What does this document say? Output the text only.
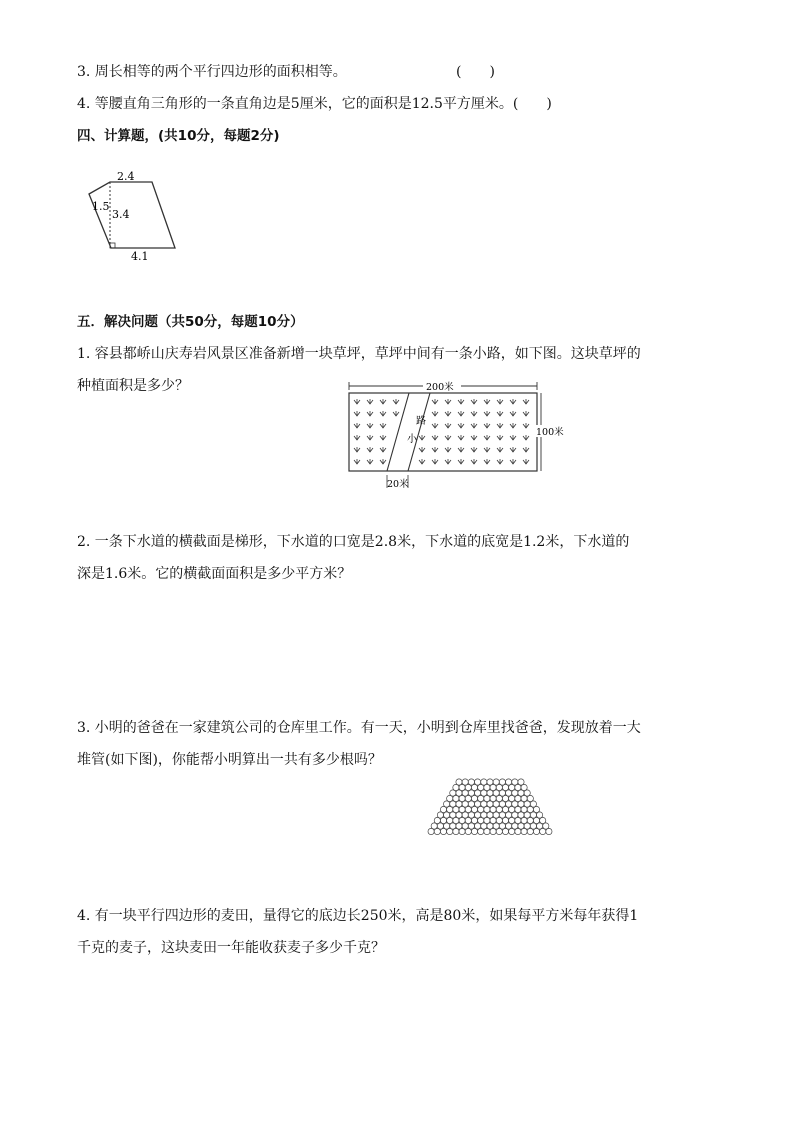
3. 周长相等的两个平行四边形的面积相等。	(　　)
4. 等腰直角三角形的一条直角边是5厘米，它的面积是12.5平方厘米。(　　)
四、计算题，(共10分，每题2分)
2.4
1.5
3.4
4.1
五．解决问题（共50分，每题10分）
1. 容县都峤山庆寿岩风景区准备新增一块草坪，草坪中间有一条小路，如下图。这块草坪的
种植面积是多少？	200米
小
路
100米
20米
2. 一条下水道的横截面是梯形，下水道的口宽是2.8米，下水道的底宽是1.2米，下水道的
深是1.6米。它的横截面面积是多少平方米？
3. 小明的爸爸在一家建筑公司的仓库里工作。有一天，小明到仓库里找爸爸，发现放着一大
堆管(如下图)，你能帮小明算出一共有多少根吗？
4. 有一块平行四边形的麦田，量得它的底边长250米，高是80米，如果每平方米每年获得1
千克的麦子，这块麦田一年能收获麦子多少千克？
